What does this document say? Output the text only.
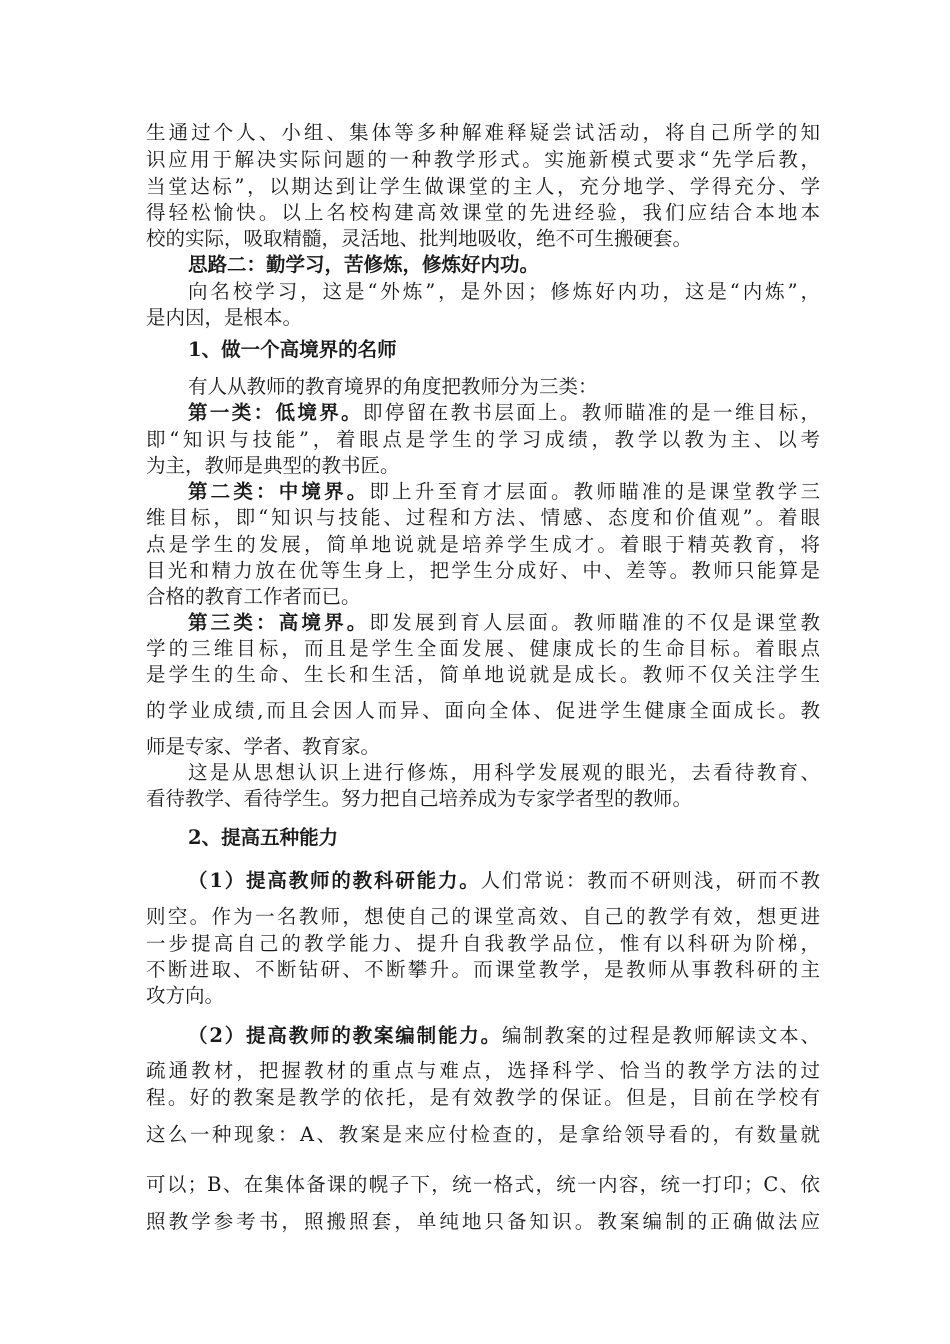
生通过个人、小组、集体等多种解难释疑尝试活动，将自己所学的知
识应用于解决实际问题的一种教学形式。实施新模式要求“先学后教，
当堂达标”，以期达到让学生做课堂的主人，充分地学、学得充分、学
得轻松愉快。以上名校构建高效课堂的先进经验，我们应结合本地本
校的实际，吸取精髓，灵活地、批判地吸收，绝不可生搬硬套。
思路二：勤学习，苦修炼，修炼好内功。
向名校学习，这是“外炼”，是外因；修炼好内功，这是“内炼”，
是内因，是根本。
1、做一个高境界的名师
有人从教师的教育境界的角度把教师分为三类：
第一类：低境界。即停留在教书层面上。教师瞄准的是一维目标，
即“知识与技能”，着眼点是学生的学习成绩，教学以教为主、以考
为主，教师是典型的教书匠。
第二类：中境界。即上升至育才层面。教师瞄准的是课堂教学三
维目标，即“知识与技能、过程和方法、情感、态度和价值观”。着眼
点是学生的发展，简单地说就是培养学生成才。着眼于精英教育，将
目光和精力放在优等生身上，把学生分成好、中、差等。教师只能算是
合格的教育工作者而已。
第三类：高境界。即发展到育人层面。教师瞄准的不仅是课堂教
学的三维目标，而且是学生全面发展、健康成长的生命目标。着眼点
是学生的生命、生长和生活，简单地说就是成长。教师不仅关注学生
的学业成绩,而且会因人而异、面向全体、促进学生健康全面成长。教
师是专家、学者、教育家。
这是从思想认识上进行修炼，用科学发展观的眼光，去看待教育、
看待教学、看待学生。努力把自己培养成为专家学者型的教师。
2、提高五种能力
（1）提高教师的教科研能力。人们常说：教而不研则浅，研而不教
则空。作为一名教师，想使自己的课堂高效、自己的教学有效，想更进
一步提高自己的教学能力、提升自我教学品位，惟有以科研为阶梯，
不断进取、不断钻研、不断攀升。而课堂教学，是教师从事教科研的主
攻方向。
（2）提高教师的教案编制能力。编制教案的过程是教师解读文本、
疏通教材，把握教材的重点与难点，选择科学、恰当的教学方法的过
程。好的教案是教学的依托，是有效教学的保证。但是，目前在学校有
这么一种现象：A、教案是来应付检查的，是拿给领导看的，有数量就
可以；B、在集体备课的幌子下，统一格式，统一内容，统一打印；C、依
照教学参考书，照搬照套，单纯地只备知识。教案编制的正确做法应
